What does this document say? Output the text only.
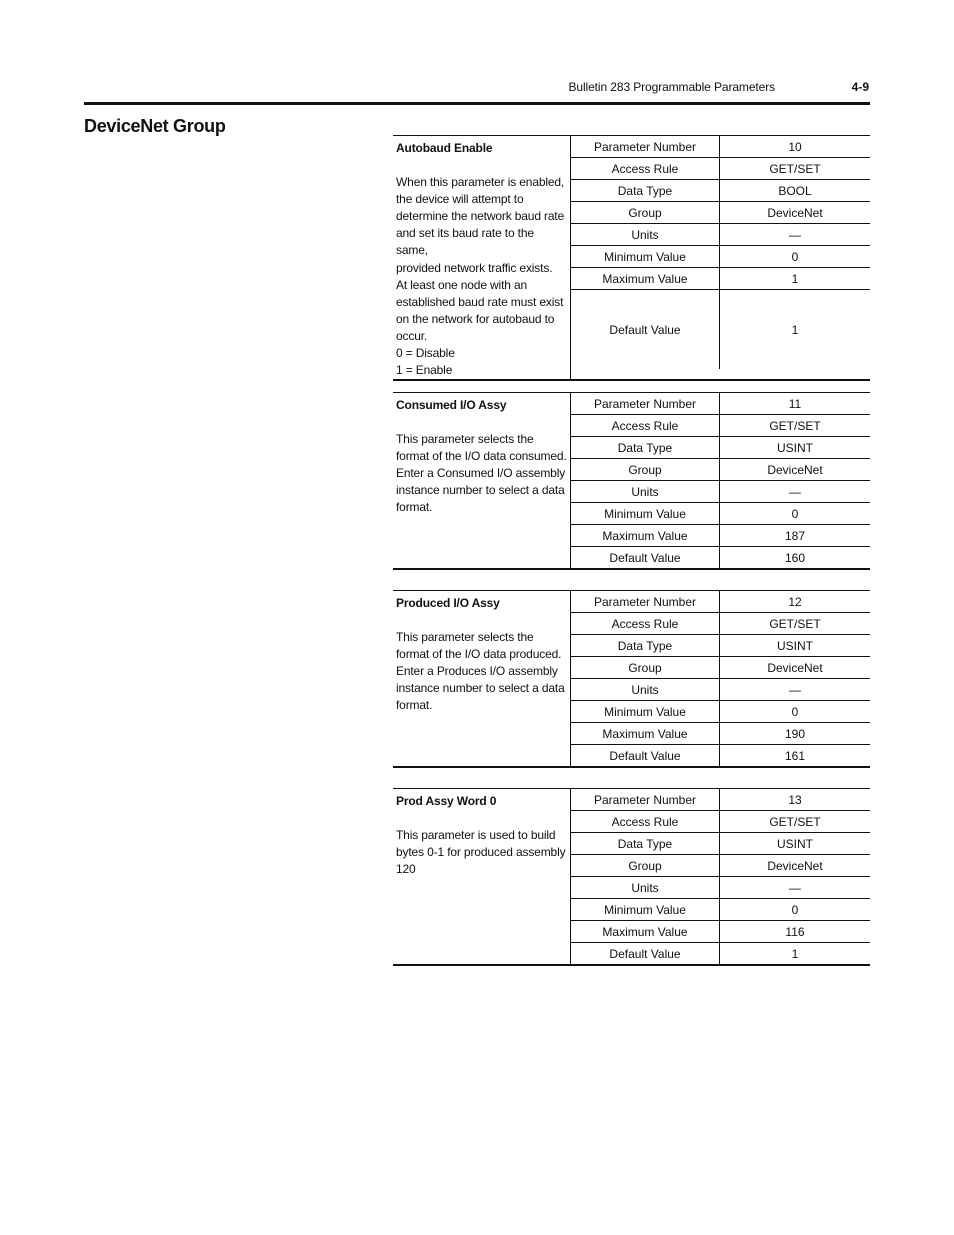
Bulletin 283 Programmable Parameters	4-9
DeviceNet Group
Autobaud Enable
When this parameter is enabled,
the device will attempt to
determine the network baud rate
and set its baud rate to the same,
provided network traffic exists.
At least one node with an
established baud rate must exist
on the network for autobaud to
occur.
0 = Disable
1 = Enable
Parameter Number	10
Access Rule	GET/SET
Data Type	BOOL
Group	DeviceNet
Units	—
Minimum Value	0
Maximum Value	1
Default Value	1
Consumed I/O Assy
This parameter selects the
format of the I/O data consumed.
Enter a Consumed I/O assembly
instance number to select a data
format.
Parameter Number	11
Access Rule	GET/SET
Data Type	USINT
Group	DeviceNet
Units	—
Minimum Value	0
Maximum Value	187
Default Value	160
Produced I/O Assy
This parameter selects the
format of the I/O data produced.
Enter a Produces I/O assembly
instance number to select a data
format.
Parameter Number	12
Access Rule	GET/SET
Data Type	USINT
Group	DeviceNet
Units	—
Minimum Value	0
Maximum Value	190
Default Value	161
Prod Assy Word 0
This parameter is used to build
bytes 0-1 for produced assembly
120
Parameter Number	13
Access Rule	GET/SET
Data Type	USINT
Group	DeviceNet
Units	—
Minimum Value	0
Maximum Value	116
Default Value	1
